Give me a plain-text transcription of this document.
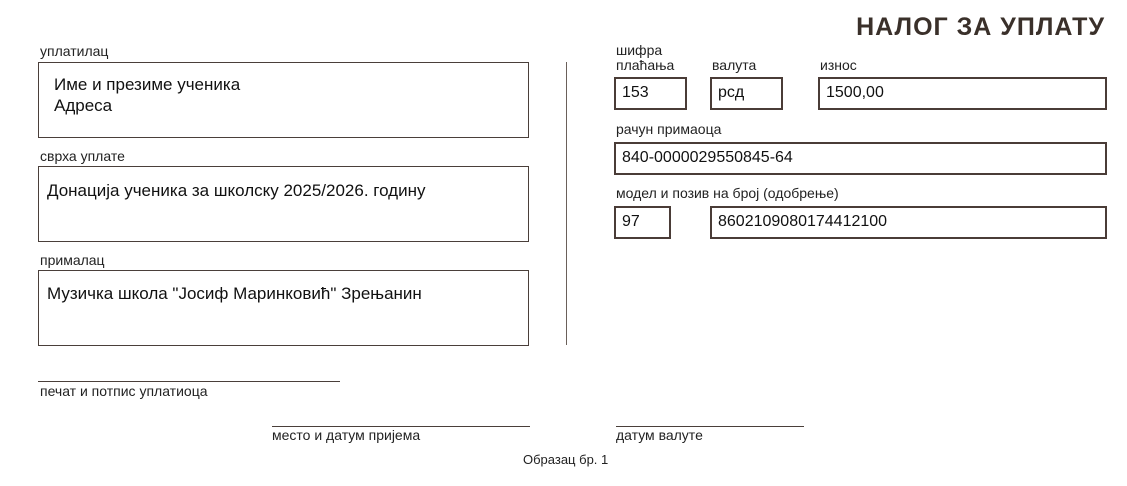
НАЛОГ ЗА УПЛАТУ
уплатилац
Име и презиме ученика
Адреса
сврха уплате
Донација ученика за школску 2025/2026. годину
прималац
Музичка школа "Јосиф Маринковић" Зрењанин
шифра
плаћања	валута	износ
153	рсд	1500,00
рачун примаоца
840-0000029550845-64
модел и позив на број (одобрење)
97	8602109080174412100
печат и потпис уплатиоца
место и датум пријема	датум валуте
Образац бр. 1
